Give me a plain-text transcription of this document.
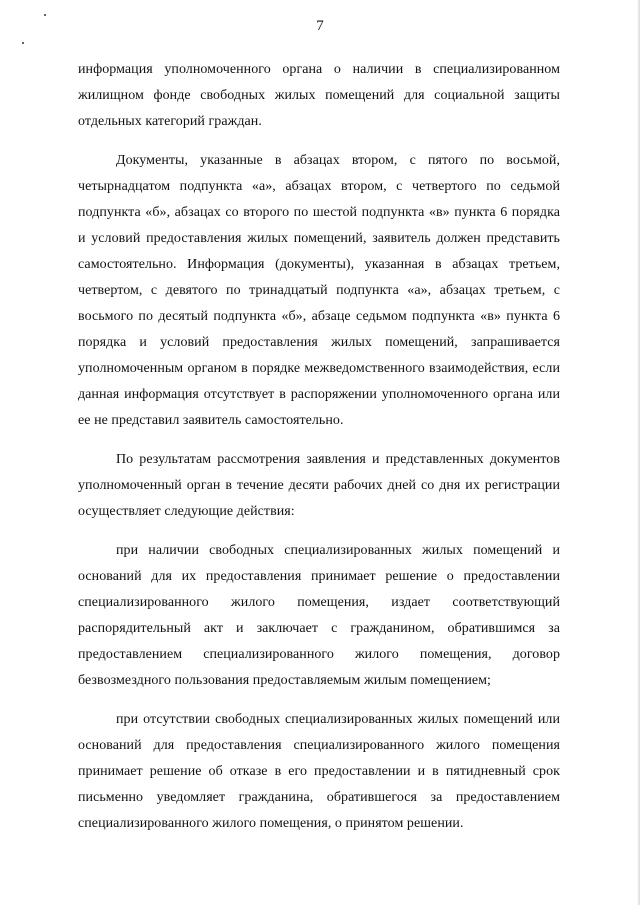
7

информация уполномоченного органа о наличии в специализированном жилищном фонде свободных жилых помещений для социальной защиты отдельных категорий граждан.

Документы, указанные в абзацах втором, с пятого по восьмой, четырнадцатом подпункта «а», абзацах втором, с четвертого по седьмой подпункта «б», абзацах со второго по шестой подпункта «в» пункта 6 порядка и условий предоставления жилых помещений, заявитель должен представить самостоятельно. Информация (документы), указанная в абзацах третьем, четвертом, с девятого по тринадцатый подпункта «а», абзацах третьем, с восьмого по десятый подпункта «б», абзаце седьмом подпункта «в» пункта 6 порядка и условий предоставления жилых помещений, запрашивается уполномоченным органом в порядке межведомственного взаимодействия, если данная информация отсутствует в распоряжении уполномоченного органа или ее не представил заявитель самостоятельно.

По результатам рассмотрения заявления и представленных документов уполномоченный орган в течение десяти рабочих дней со дня их регистрации осуществляет следующие действия:

при наличии свободных специализированных жилых помещений и оснований для их предоставления принимает решение о предоставлении специализированного жилого помещения, издает соответствующий распорядительный акт и заключает с гражданином, обратившимся за предоставлением специализированного жилого помещения, договор безвозмездного пользования предоставляемым жилым помещением;

при отсутствии свободных специализированных жилых помещений или оснований для предоставления специализированного жилого помещения принимает решение об отказе в его предоставлении и в пятидневный срок письменно уведомляет гражданина, обратившегося за предоставлением специализированного жилого помещения, о принятом решении.
